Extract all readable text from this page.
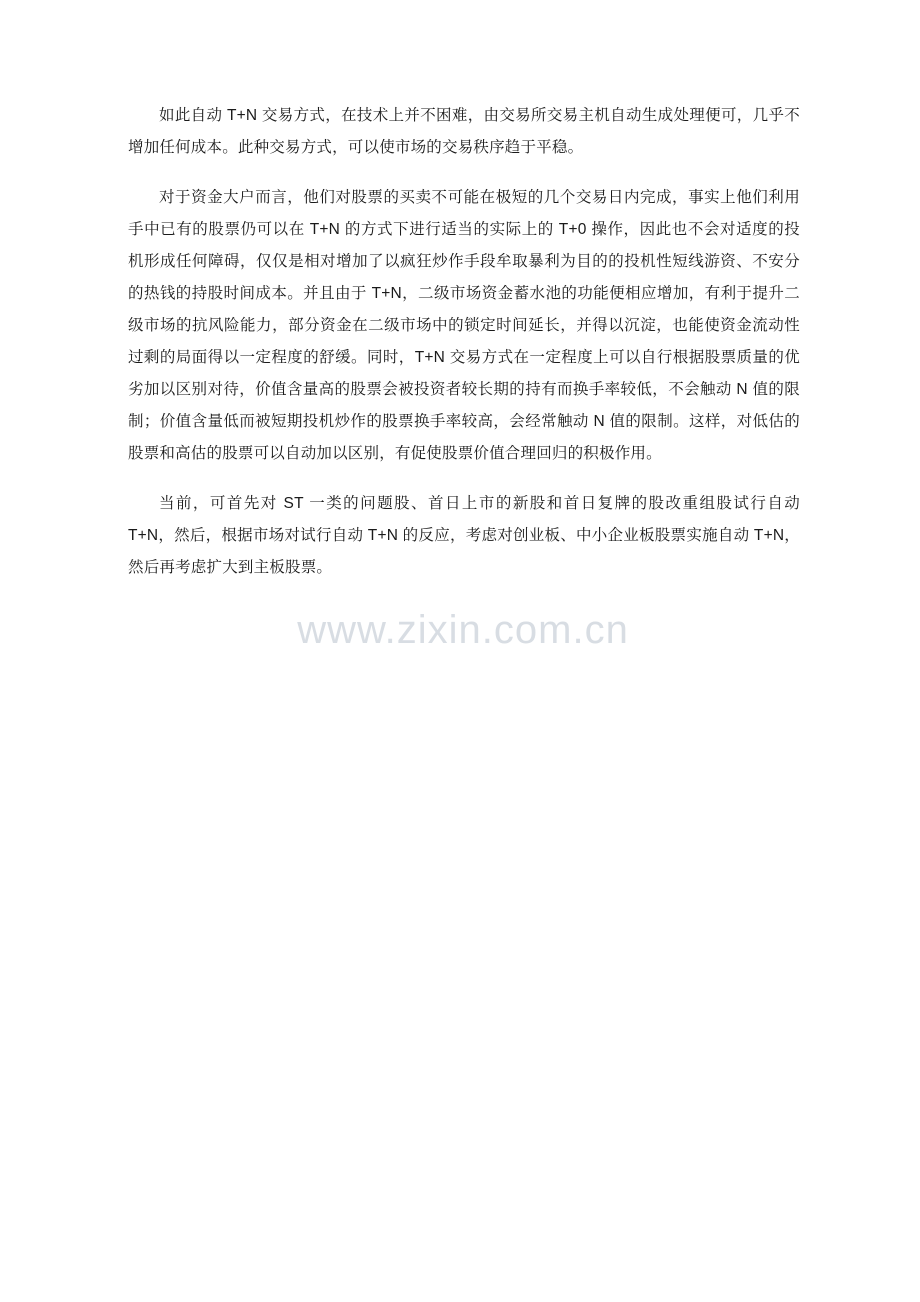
如此自动 T+N 交易方式，在技术上并不困难，由交易所交易主机自动生成处理便可，几乎不增加任何成本。此种交易方式，可以使市场的交易秩序趋于平稳。

对于资金大户而言，他们对股票的买卖不可能在极短的几个交易日内完成，事实上他们利用手中已有的股票仍可以在 T+N 的方式下进行适当的实际上的 T+0 操作，因此也不会对适度的投机形成任何障碍，仅仅是相对增加了以疯狂炒作手段牟取暴利为目的的投机性短线游资、不安分的热钱的持股时间成本。并且由于 T+N，二级市场资金蓄水池的功能便相应增加，有利于提升二级市场的抗风险能力，部分资金在二级市场中的锁定时间延长，并得以沉淀，也能使资金流动性过剩的局面得以一定程度的舒缓。同时，T+N 交易方式在一定程度上可以自行根据股票质量的优劣加以区别对待，价值含量高的股票会被投资者较长期的持有而换手率较低，不会触动 N 值的限制；价值含量低而被短期投机炒作的股票换手率较高，会经常触动 N 值的限制。这样，对低估的股票和高估的股票可以自动加以区别，有促使股票价值合理回归的积极作用。

当前，可首先对 ST 一类的问题股、首日上市的新股和首日复牌的股改重组股试行自动 T+N，然后，根据市场对试行自动 T+N 的反应，考虑对创业板、中小企业板股票实施自动 T+N，然后再考虑扩大到主板股票。

www.zixin.com.cn
